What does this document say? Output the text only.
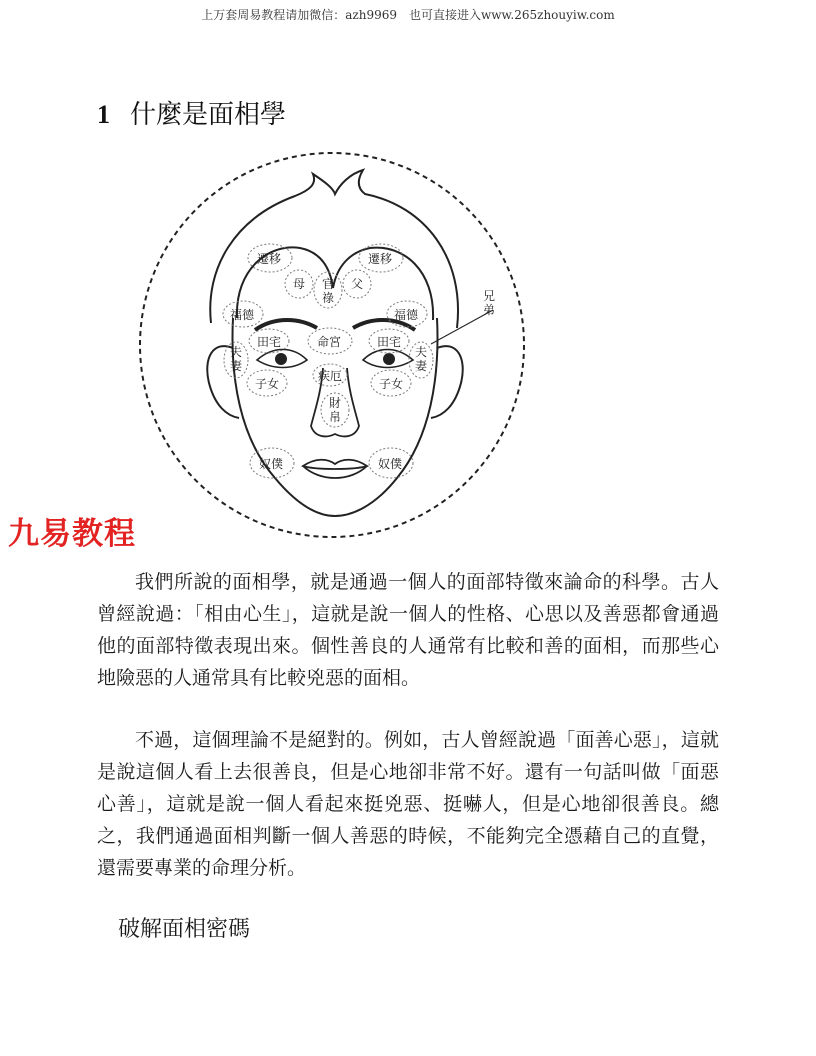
上万套周易教程请加微信：azh9969　也可直接进入www.265zhouyiw.com
1 什麼是面相學
遷移	遷移
母	父
官 祿	兄 弟
福德	福德
田宅	命宮	田宅
夫 妻
夫 妻
疾厄
子女	子女
財 帛
奴僕	奴僕
九易教程

我們所說的面相學，就是通過一個人的面部特徵來論命的科學。古人曾經說過：「相由心生」，這就是說一個人的性格、心思以及善惡都會通過他的面部特徵表現出來。個性善良的人通常有比較和善的面相，而那些心地險惡的人通常具有比較兇惡的面相。

不過，這個理論不是絕對的。例如，古人曾經說過「面善心惡」，這就是說這個人看上去很善良，但是心地卻非常不好。還有一句話叫做「面惡心善」，這就是說一個人看起來挺兇惡、挺嚇人，但是心地卻很善良。總之，我們通過面相判斷一個人善惡的時候，不能夠完全憑藉自己的直覺，還需要專業的命理分析。

破解面相密碼
